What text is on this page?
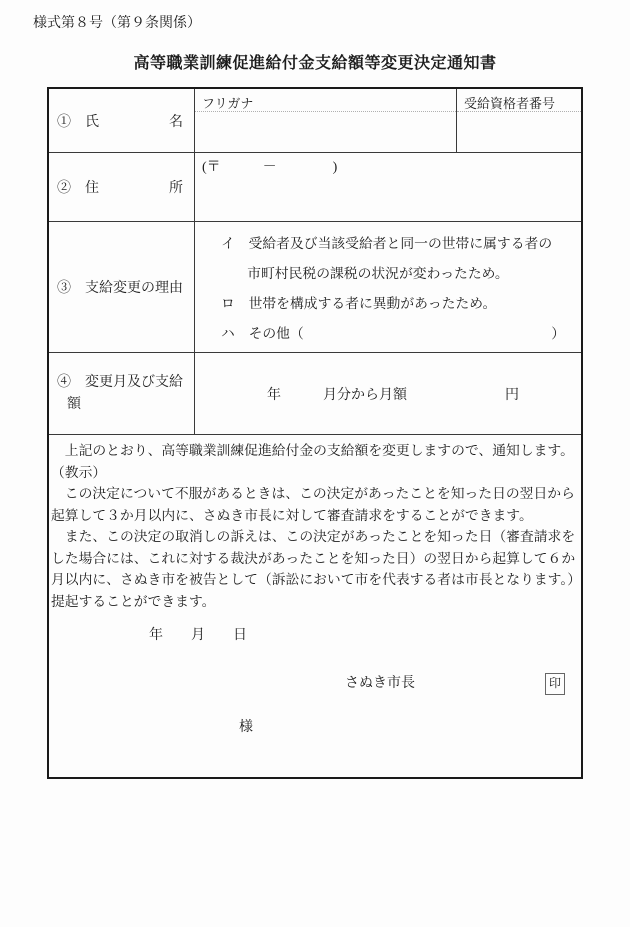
様式第８号（第９条関係）
高等職業訓練促進給付金支給額等変更決定通知書
①　氏　　　　　名
フリガナ	受給資格者番号
②　住　　　　　所
(〒　　　－　　　　)
③　支給変更の理由
イ　受給者及び当該受給者と同一の世帯に属する者の市町村民税の課税の状況が変わったため。
ロ　世帯を構成する者に異動があったため。
ハ　その他（	）
④　変更月及び支給
額
年　　　月分から月額　　　　　　　円
　上記のとおり、高等職業訓練促進給付金の支給額を変更しますので、通知します。
（教示）
　この決定について不服があるときは、この決定があったことを知った日の翌日から起算して３か月以内に、さぬき市長に対して審査請求をすることができます。
　また、この決定の取消しの訴えは、この決定があったことを知った日（審査請求をした場合には、これに対する裁決があったことを知った日）の翌日から起算して６か月以内に、さぬき市を被告として（訴訟において市を代表する者は市長となります。）提起することができます。
年　　月　　日
さぬき市長	印
様
